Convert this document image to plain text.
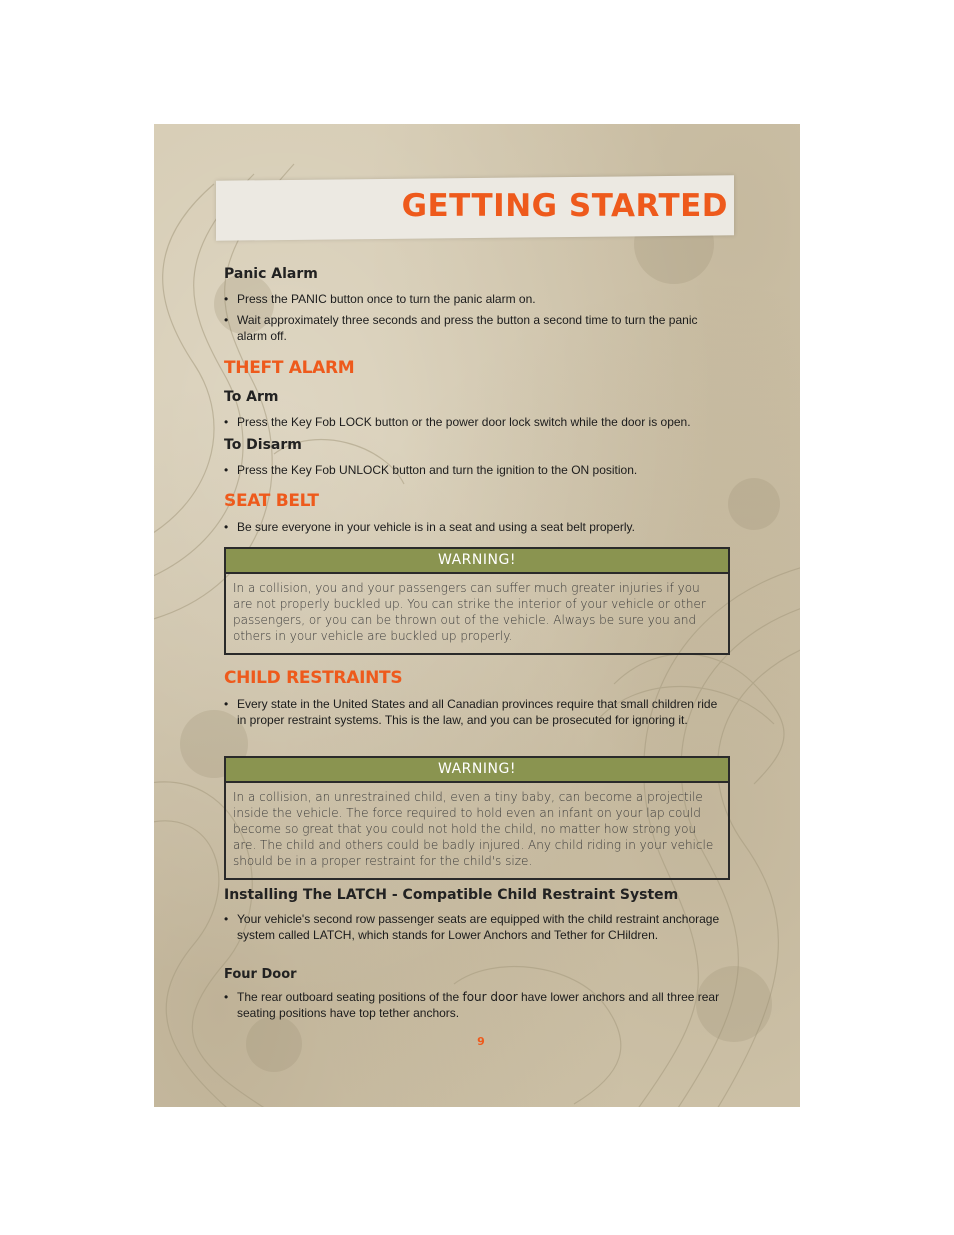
GETTING STARTED
Panic Alarm

• Press the PANIC button once to turn the panic alarm on.

• Wait approximately three seconds and press the button a second time to turn the panic alarm off.

THEFT ALARM
To Arm

• Press the Key Fob LOCK button or the power door lock switch while the door is open.

To Disarm

• Press the Key Fob UNLOCK button and turn the ignition to the ON position.

SEAT BELT

• Be sure everyone in your vehicle is in a seat and using a seat belt properly.

WARNING!
In a collision, you and your passengers can suffer much greater injuries if you are not properly buckled up. You can strike the interior of your vehicle or other passengers, or you can be thrown out of the vehicle. Always be sure you and others in your vehicle are buckled up properly.
CHILD RESTRAINTS

• Every state in the United States and all Canadian provinces require that small children ride in proper restraint systems. This is the law, and you can be prosecuted for ignoring it.

WARNING!
In a collision, an unrestrained child, even a tiny baby, can become a projectile inside the vehicle. The force required to hold even an infant on your lap could become so great that you could not hold the child, no matter how strong you are. The child and others could be badly injured. Any child riding in your vehicle should be in a proper restraint for the child's size.
Installing The LATCH - Compatible Child Restraint System

• Your vehicle's second row passenger seats are equipped with the child restraint anchorage system called LATCH, which stands for Lower Anchors and Tether for CHildren.

Four Door

• The rear outboard seating positions of the four door have lower anchors and all three rear seating positions have top tether anchors.

9
